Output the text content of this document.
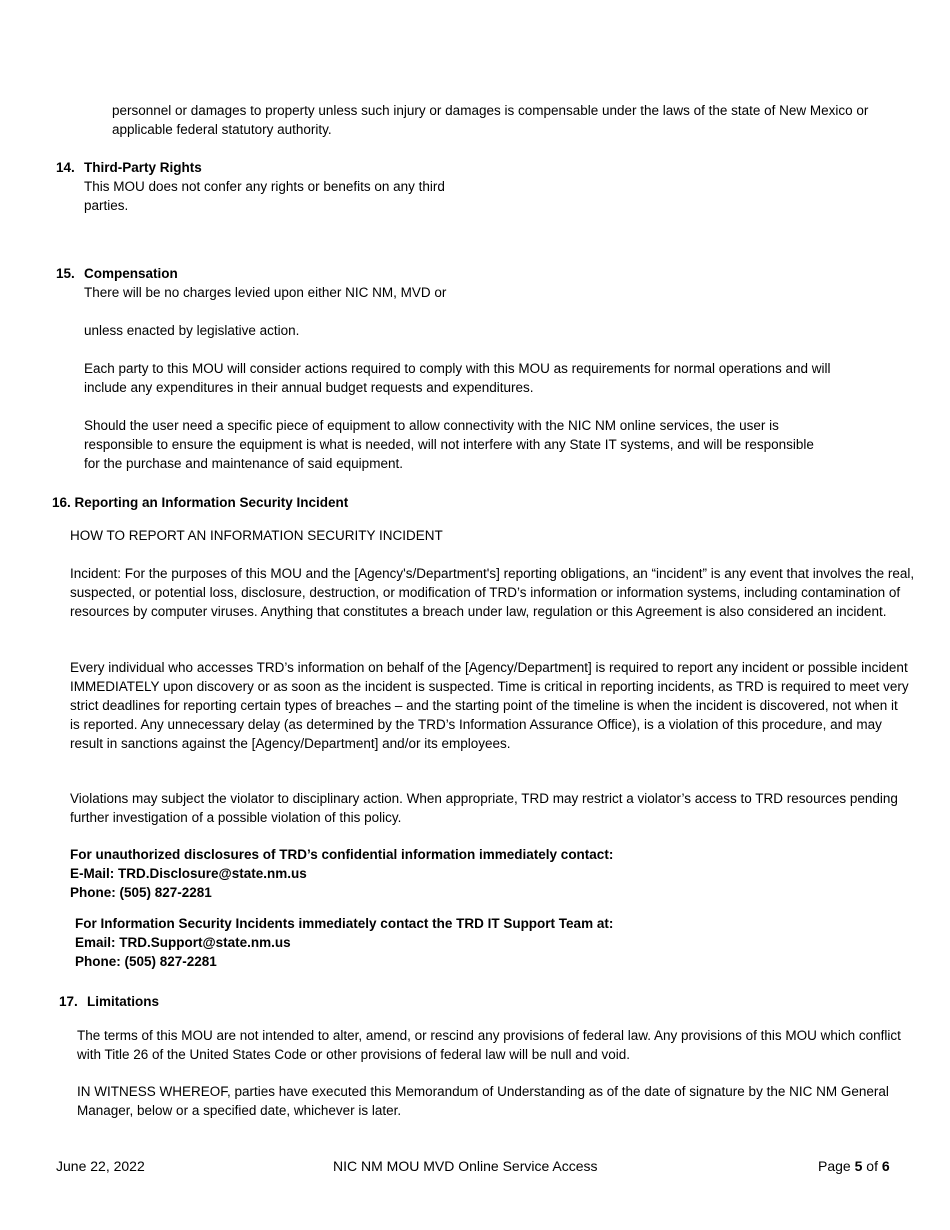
personnel or damages to property unless such injury or damages is compensable under the laws of the state of New Mexico or applicable federal statutory authority.

14. Third-Party Rights

This MOU does not confer any rights or benefits on any third parties.

15. Compensation

There will be no charges levied upon either NIC NM, MVD or

unless enacted by legislative action.

Each party to this MOU will consider actions required to comply with this MOU as requirements for normal operations and will include any expenditures in their annual budget requests and expenditures.

Should the user need a specific piece of equipment to allow connectivity with the NIC NM online services, the user is responsible to ensure the equipment is what is needed, will not interfere with any State IT systems, and will be responsible for the purchase and maintenance of said equipment.

16. Reporting an Information Security Incident

HOW TO REPORT AN INFORMATION SECURITY INCIDENT

Incident: For the purposes of this MOU and the [Agency's/Department's] reporting obligations, an “incident” is any event that involves the real, suspected, or potential loss, disclosure, destruction, or modification of TRD’s information or information systems, including contamination of resources by computer viruses. Anything that constitutes a breach under law, regulation or this Agreement is also considered an incident.

Every individual who accesses TRD’s information on behalf of the [Agency/Department] is required to report any incident or possible incident IMMEDIATELY upon discovery or as soon as the incident is suspected. Time is critical in reporting incidents, as TRD is required to meet very strict deadlines for reporting certain types of breaches – and the starting point of the timeline is when the incident is discovered, not when it is reported. Any unnecessary delay (as determined by the TRD’s Information Assurance Office), is a violation of this procedure, and may result in sanctions against the [Agency/Department] and/or its employees.

Violations may subject the violator to disciplinary action. When appropriate, TRD may restrict a violator’s access to TRD resources pending further investigation of a possible violation of this policy.

For unauthorized disclosures of TRD’s confidential information immediately contact:
E-Mail: TRD.Disclosure@state.nm.us
Phone: (505) 827-2281
For Information Security Incidents immediately contact the TRD IT Support Team at:
Email: TRD.Support@state.nm.us
Phone: (505) 827-2281
17. Limitations

The terms of this MOU are not intended to alter, amend, or rescind any provisions of federal law. Any provisions of this MOU which conflict with Title 26 of the United States Code or other provisions of federal law will be null and void.

IN WITNESS WHEREOF, parties have executed this Memorandum of Understanding as of the date of signature by the NIC NM General Manager, below or a specified date, whichever is later.

June 22, 2022	NIC NM MOU MVD Online Service Access	Page 5 of 6
